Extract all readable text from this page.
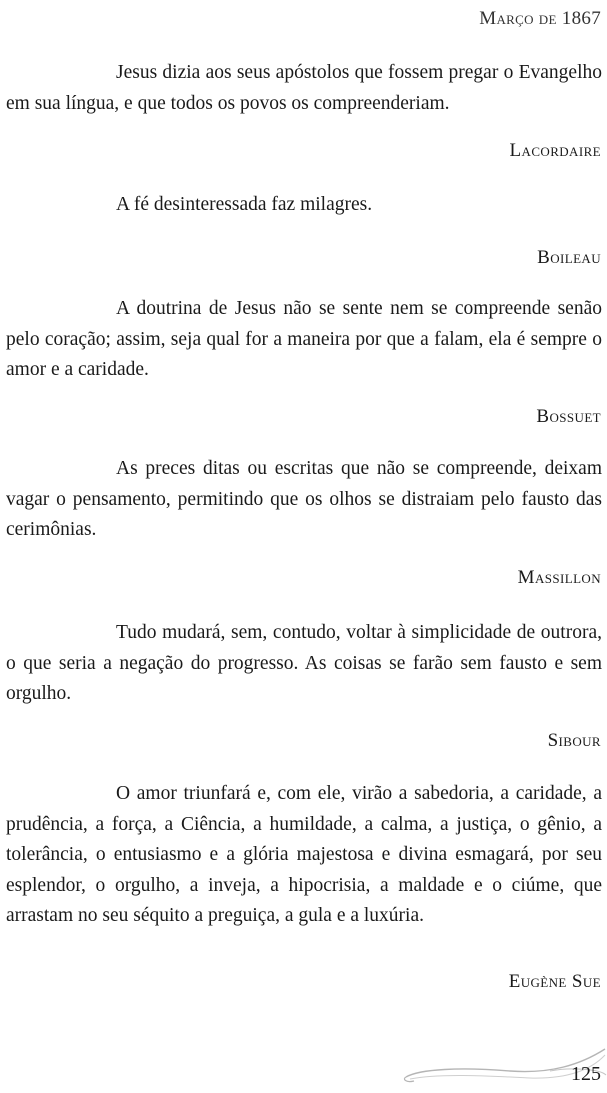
Março de 1867

Jesus dizia aos seus apóstolos que fossem pregar o Evangelho em sua língua, e que todos os povos os compreenderiam.

Lacordaire

A fé desinteressada faz milagres.

Boileau

A doutrina de Jesus não se sente nem se compreende senão pelo coração; assim, seja qual for a maneira por que a falam, ela é sempre o amor e a caridade.

Bossuet

As preces ditas ou escritas que não se compreende, deixam vagar o pensamento, permitindo que os olhos se distraiam pelo fausto das cerimônias.

Massillon

Tudo mudará, sem, contudo, voltar à simplicidade de outrora, o que seria a negação do progresso. As coisas se farão sem fausto e sem orgulho.

Sibour

O amor triunfará e, com ele, virão a sabedoria, a caridade, a prudência, a força, a Ciência, a humildade, a calma, a justiça, o gênio, a tolerância, o entusiasmo e a glória majestosa e divina esmagará, por seu esplendor, o orgulho, a inveja, a hipocrisia, a maldade e o ciúme, que arrastam no seu séquito a preguiça, a gula e a luxúria.

Eugène Sue
125
